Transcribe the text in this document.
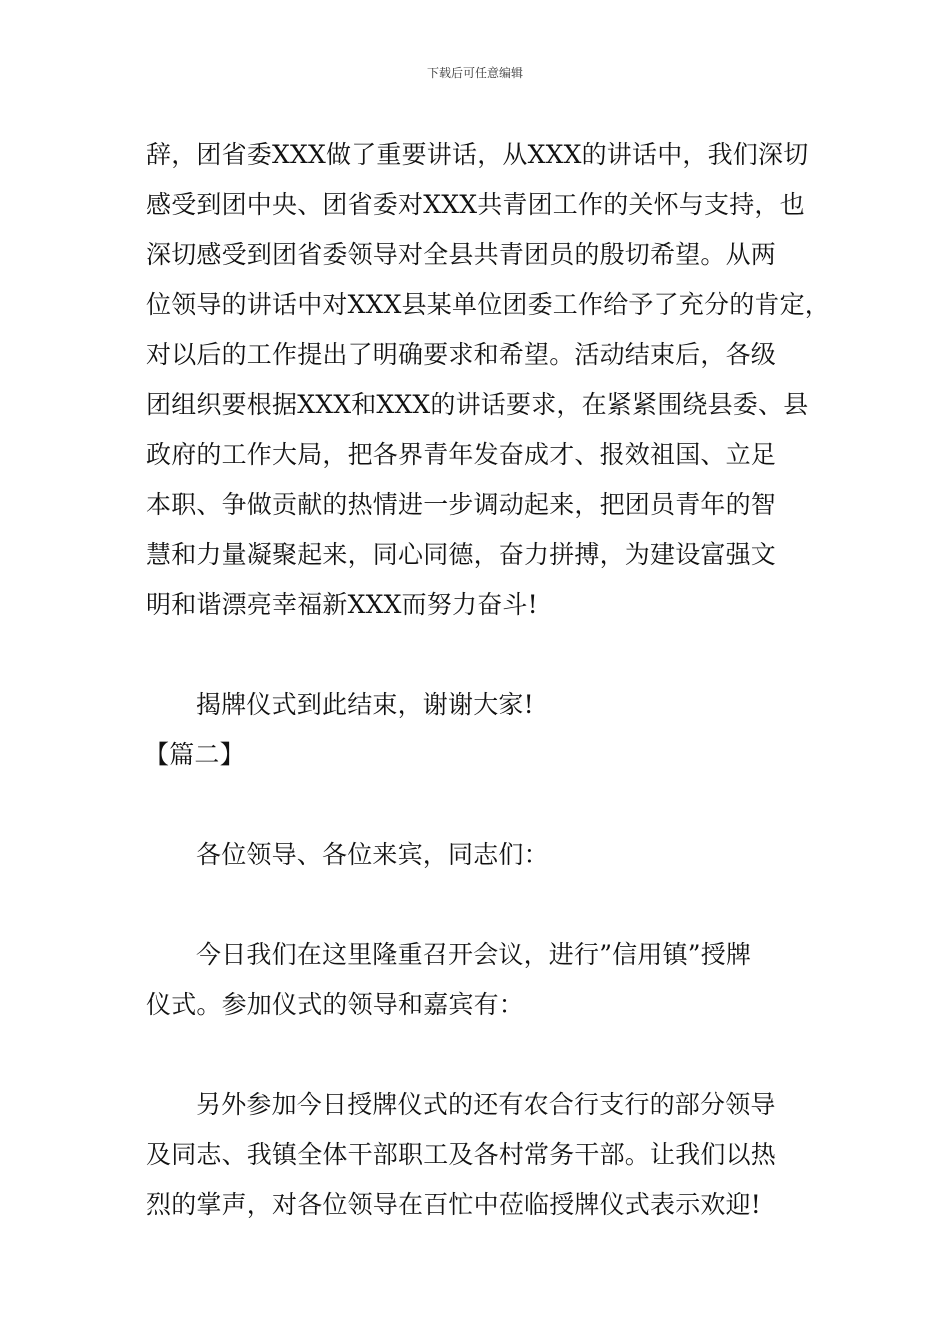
下载后可任意编辑
辞，团省委XXX做了重要讲话，从XXX的讲话中，我们深切
感受到团中央、团省委对XXX共青团工作的关怀与支持，也
深切感受到团省委领导对全县共青团员的殷切希望。从两
位领导的讲话中对XXX县某单位团委工作给予了充分的肯定，
对以后的工作提出了明确要求和希望。活动结束后，各级
团组织要根据XXX和XXX的讲话要求，在紧紧围绕县委、县
政府的工作大局，把各界青年发奋成才、报效祖国、立足
本职、争做贡献的热情进一步调动起来，把团员青年的智
慧和力量凝聚起来，同心同德，奋力拼搏，为建设富强文
明和谐漂亮幸福新XXX而努力奋斗!
揭牌仪式到此结束，谢谢大家!
【篇二】
各位领导、各位来宾，同志们：
今日我们在这里隆重召开会议，进行”信用镇”授牌
仪式。参加仪式的领导和嘉宾有：
另外参加今日授牌仪式的还有农合行支行的部分领导
及同志、我镇全体干部职工及各村常务干部。让我们以热
烈的掌声，对各位领导在百忙中莅临授牌仪式表示欢迎!
